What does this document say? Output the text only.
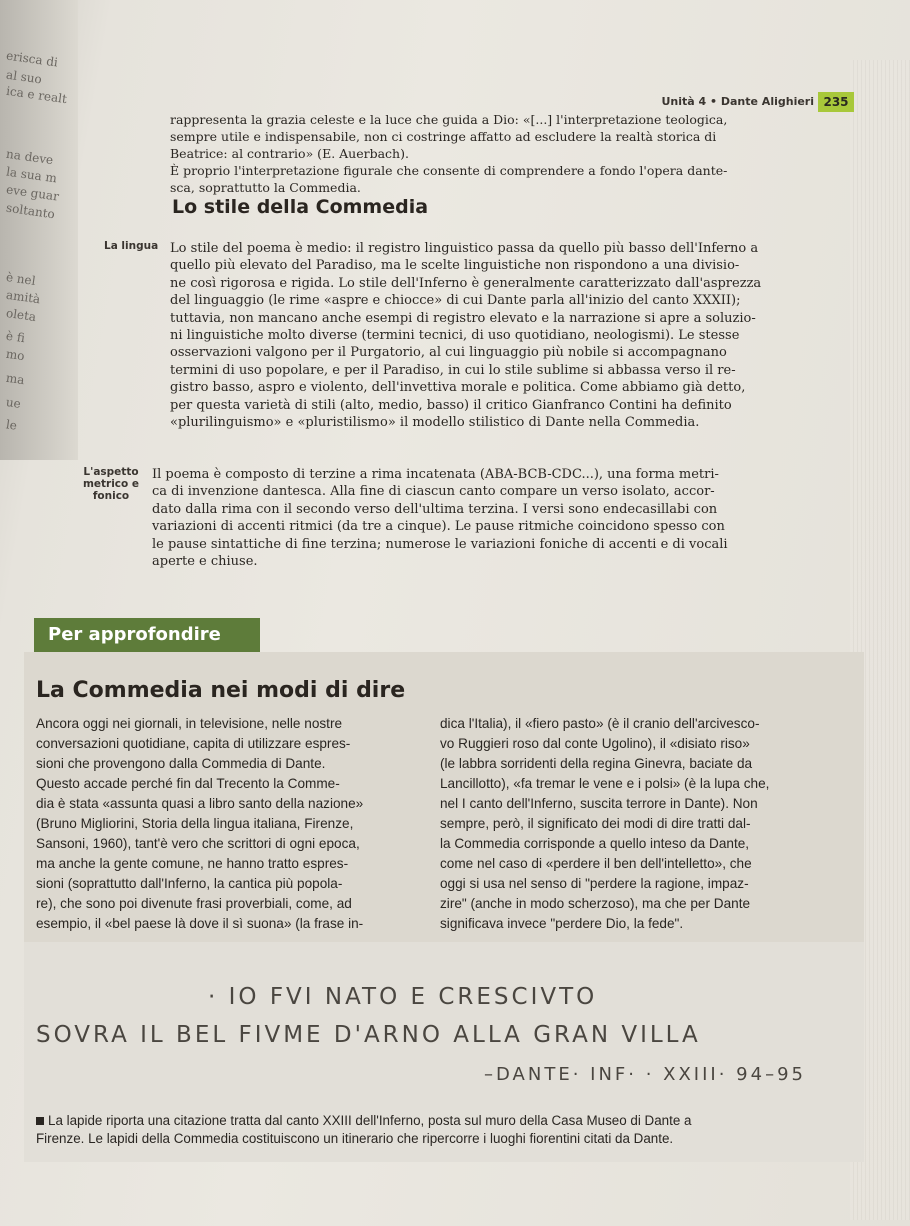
erisca di
al suo
ica e realt
na deve
la sua m
eve guar
soltanto
è nel
amità
oleta
è fi
mo
ma
ue
le
Unità 4 • Dante Alighieri 235

rappresenta la grazia celeste e la luce che guida a Dio: «[...] l'interpretazione teologica,

sempre utile e indispensabile, non ci costringe affatto ad escludere la realtà storica di

Beatrice: al contrario» (E. Auerbach).

È proprio l'interpretazione figurale che consente di comprendere a fondo l'opera dante-

sca, soprattutto la Commedia.

Lo stile della Commedia
La lingua Lo stile del poema è medio: il registro linguistico passa da quello più basso dell'Inferno a
quello più elevato del Paradiso, ma le scelte linguistiche non rispondono a una divisio-
ne così rigorosa e rigida. Lo stile dell'Inferno è generalmente caratterizzato dall'asprezza
del linguaggio (le rime «aspre e chiocce» di cui Dante parla all'inizio del canto XXXII);
tuttavia, non mancano anche esempi di registro elevato e la narrazione si apre a soluzio-
ni linguistiche molto diverse (termini tecnici, di uso quotidiano, neologismi). Le stesse
osservazioni valgono per il Purgatorio, al cui linguaggio più nobile si accompagnano
termini di uso popolare, e per il Paradiso, in cui lo stile sublime si abbassa verso il re-
gistro basso, aspro e violento, dell'invettiva morale e politica. Come abbiamo già detto,
per questa varietà di stili (alto, medio, basso) il critico Gianfranco Contini ha definito
«plurilinguismo» e «pluristilismo» il modello stilistico di Dante nella Commedia.
L'aspetto
metrico e
fonico
Il poema è composto di terzine a rima incatenata (ABA-BCB-CDC...), una forma metri-
ca di invenzione dantesca. Alla fine di ciascun canto compare un verso isolato, accor-
dato dalla rima con il secondo verso dell'ultima terzina. I versi sono endecasillabi con
variazioni di accenti ritmici (da tre a cinque). Le pause ritmiche coincidono spesso con
le pause sintattiche di fine terzina; numerose le variazioni foniche di accenti e di vocali
aperte e chiuse.
Per approfondire
La Commedia nei modi di dire
Ancora oggi nei giornali, in televisione, nelle nostre
conversazioni quotidiane, capita di utilizzare espres-
sioni che provengono dalla Commedia di Dante.
Questo accade perché fin dal Trecento la Comme-
dia è stata «assunta quasi a libro santo della nazione»
(Bruno Migliorini, Storia della lingua italiana, Firenze,
Sansoni, 1960), tant'è vero che scrittori di ogni epoca,
ma anche la gente comune, ne hanno tratto espres-
sioni (soprattutto dall'Inferno, la cantica più popola-
re), che sono poi divenute frasi proverbiali, come, ad
esempio, il «bel paese là dove il sì suona» (la frase in-
dica l'Italia), il «fiero pasto» (è il cranio dell'arcivesco-
vo Ruggieri roso dal conte Ugolino), il «disiato riso»
(le labbra sorridenti della regina Ginevra, baciate da
Lancillotto), «fa tremar le vene e i polsi» (è la lupa che,
nel I canto dell'Inferno, suscita terrore in Dante). Non
sempre, però, il significato dei modi di dire tratti dal-
la Commedia corrisponde a quello inteso da Dante,
come nel caso di «perdere il ben dell'intelletto», che
oggi si usa nel senso di "perdere la ragione, impaz-
zire" (anche in modo scherzoso), ma che per Dante
significava invece "perdere Dio, la fede".
· IO FVI NATO E CRESCIVTO
SOVRA IL BEL FIVME D'ARNO ALLA GRAN VILLA
–DANTE· INF· · XXIII· 94–95
La lapide riporta una citazione tratta dal canto XXIII dell'Inferno, posta sul muro della Casa Museo di Dante a
Firenze. Le lapidi della Commedia costituiscono un itinerario che ripercorre i luoghi fiorentini citati da Dante.
